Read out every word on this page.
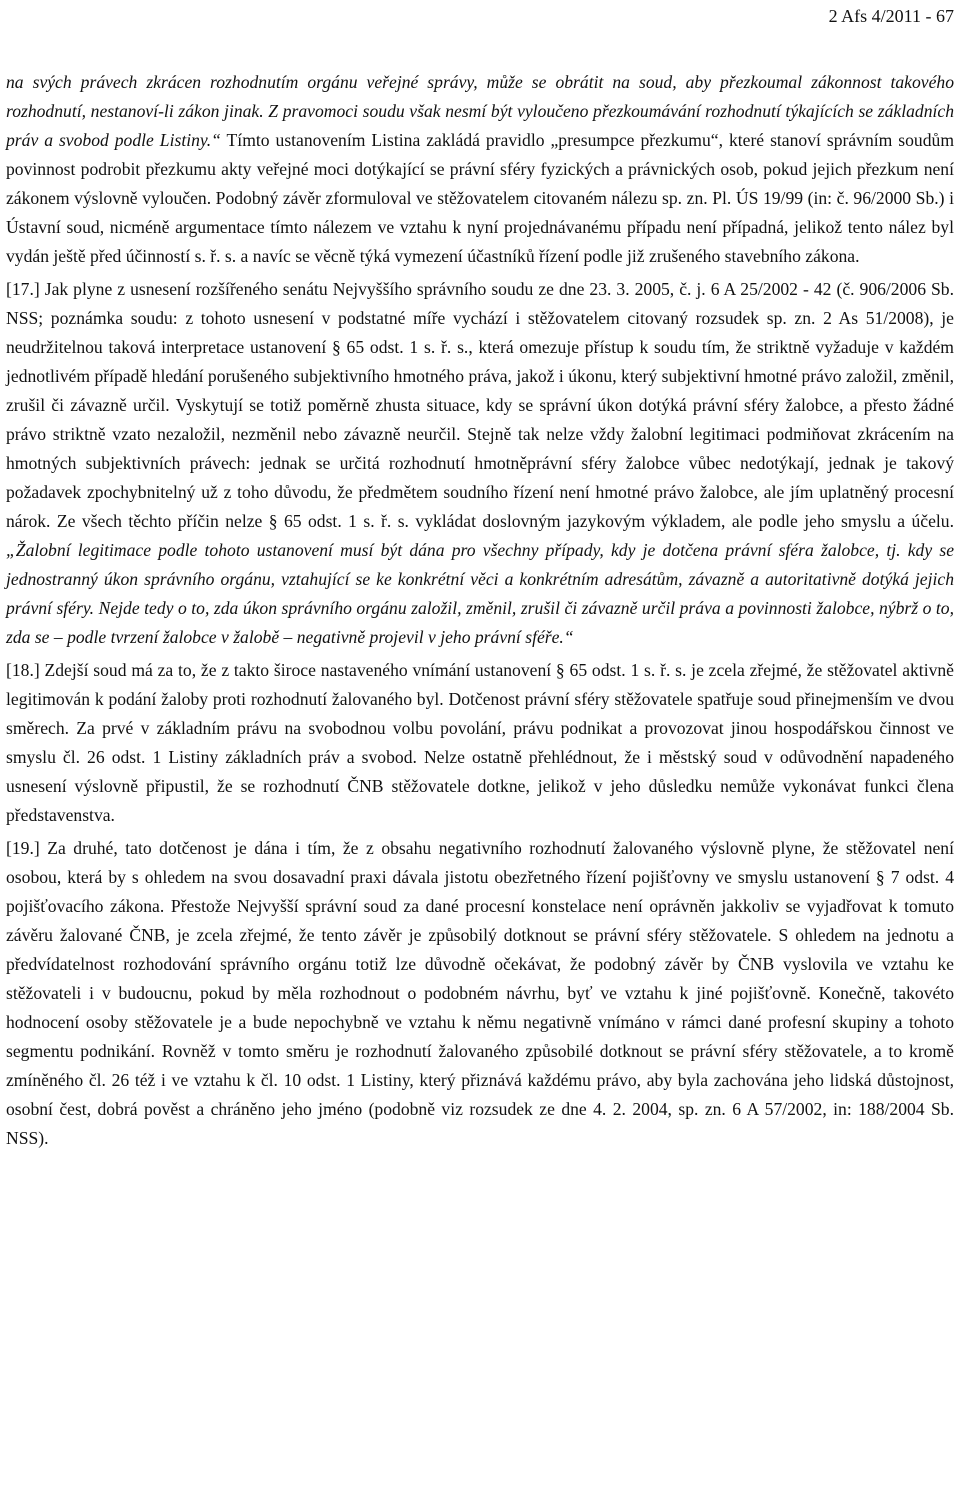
2 Afs 4/2011 - 67

na svých právech zkrácen rozhodnutím orgánu veřejné správy, může se obrátit na soud, aby přezkoumal zákonnost takového rozhodnutí, nestanoví-li zákon jinak. Z pravomoci soudu však nesmí být vyloučeno přezkoumávání rozhodnutí týkajících se základních práv a svobod podle Listiny.“ Tímto ustanovením Listina zakládá pravidlo „presumpce přezkumu“, které stanoví správním soudům povinnost podrobit přezkumu akty veřejné moci dotýkající se právní sféry fyzických a právnických osob, pokud jejich přezkum není zákonem výslovně vyloučen. Podobný závěr zformuloval ve stěžovatelem citovaném nálezu sp. zn. Pl. ÚS 19/99 (in: č. 96/2000 Sb.) i Ústavní soud, nicméně argumentace tímto nálezem ve vztahu k nyní projednávanému případu není případná, jelikož tento nález byl vydán ještě před účinností s. ř. s. a navíc se věcně týká vymezení účastníků řízení podle již zrušeného stavebního zákona.

[17.] Jak plyne z usnesení rozšířeného senátu Nejvyššího správního soudu ze dne 23. 3. 2005, č. j. 6 A 25/2002 - 42 (č. 906/2006 Sb. NSS; poznámka soudu: z tohoto usnesení v podstatné míře vychází i stěžovatelem citovaný rozsudek sp. zn. 2 As 51/2008), je neudržitelnou taková interpretace ustanovení § 65 odst. 1 s. ř. s., která omezuje přístup k soudu tím, že striktně vyžaduje v každém jednotlivém případě hledání porušeného subjektivního hmotného práva, jakož i úkonu, který subjektivní hmotné právo založil, změnil, zrušil či závazně určil. Vyskytují se totiž poměrně zhusta situace, kdy se správní úkon dotýká právní sféry žalobce, a přesto žádné právo striktně vzato nezaložil, nezměnil nebo závazně neurčil. Stejně tak nelze vždy žalobní legitimaci podmiňovat zkrácením na hmotných subjektivních právech: jednak se určitá rozhodnutí hmotněprávní sféry žalobce vůbec nedotýkají, jednak je takový požadavek zpochybnitelný už z toho důvodu, že předmětem soudního řízení není hmotné právo žalobce, ale jím uplatněný procesní nárok. Ze všech těchto příčin nelze § 65 odst. 1 s. ř. s. vykládat doslovným jazykovým výkladem, ale podle jeho smyslu a účelu. „Žalobní legitimace podle tohoto ustanovení musí být dána pro všechny případy, kdy je dotčena právní sféra žalobce, tj. kdy se jednostranný úkon správního orgánu, vztahující se ke konkrétní věci a konkrétním adresátům, závazně a autoritativně dotýká jejich právní sféry. Nejde tedy o to, zda úkon správního orgánu založil, změnil, zrušil či závazně určil práva a povinnosti žalobce, nýbrž o to, zda se – podle tvrzení žalobce v žalobě – negativně projevil v jeho právní sféře.“

[18.] Zdejší soud má za to, že z takto široce nastaveného vnímání ustanovení § 65 odst. 1 s. ř. s. je zcela zřejmé, že stěžovatel aktivně legitimován k podání žaloby proti rozhodnutí žalovaného byl. Dotčenost právní sféry stěžovatele spatřuje soud přinejmenším ve dvou směrech. Za prvé v základním právu na svobodnou volbu povolání, právu podnikat a provozovat jinou hospodářskou činnost ve smyslu čl. 26 odst. 1 Listiny základních práv a svobod. Nelze ostatně přehlédnout, že i městský soud v odůvodnění napadeného usnesení výslovně připustil, že se rozhodnutí ČNB stěžovatele dotkne, jelikož v jeho důsledku nemůže vykonávat funkci člena představenstva.

[19.] Za druhé, tato dotčenost je dána i tím, že z obsahu negativního rozhodnutí žalovaného výslovně plyne, že stěžovatel není osobou, která by s ohledem na svou dosavadní praxi dávala jistotu obezřetného řízení pojišťovny ve smyslu ustanovení § 7 odst. 4 pojišťovacího zákona. Přestože Nejvyšší správní soud za dané procesní konstelace není oprávněn jakkoliv se vyjadřovat k tomuto závěru žalované ČNB, je zcela zřejmé, že tento závěr je způsobilý dotknout se právní sféry stěžovatele. S ohledem na jednotu a předvídatelnost rozhodování správního orgánu totiž lze důvodně očekávat, že podobný závěr by ČNB vyslovila ve vztahu ke stěžovateli i v budoucnu, pokud by měla rozhodnout o podobném návrhu, byť ve vztahu k jiné pojišťovně. Konečně, takovéto hodnocení osoby stěžovatele je a bude nepochybně ve vztahu k němu negativně vnímáno v rámci dané profesní skupiny a tohoto segmentu podnikání. Rovněž v tomto směru je rozhodnutí žalovaného způsobilé dotknout se právní sféry stěžovatele, a to kromě zmíněného čl. 26 též i ve vztahu k čl. 10 odst. 1 Listiny, který přiznává každému právo, aby byla zachována jeho lidská důstojnost, osobní čest, dobrá pověst a chráněno jeho jméno (podobně viz rozsudek ze dne 4. 2. 2004, sp. zn. 6 A 57/2002, in: 188/2004 Sb. NSS).
